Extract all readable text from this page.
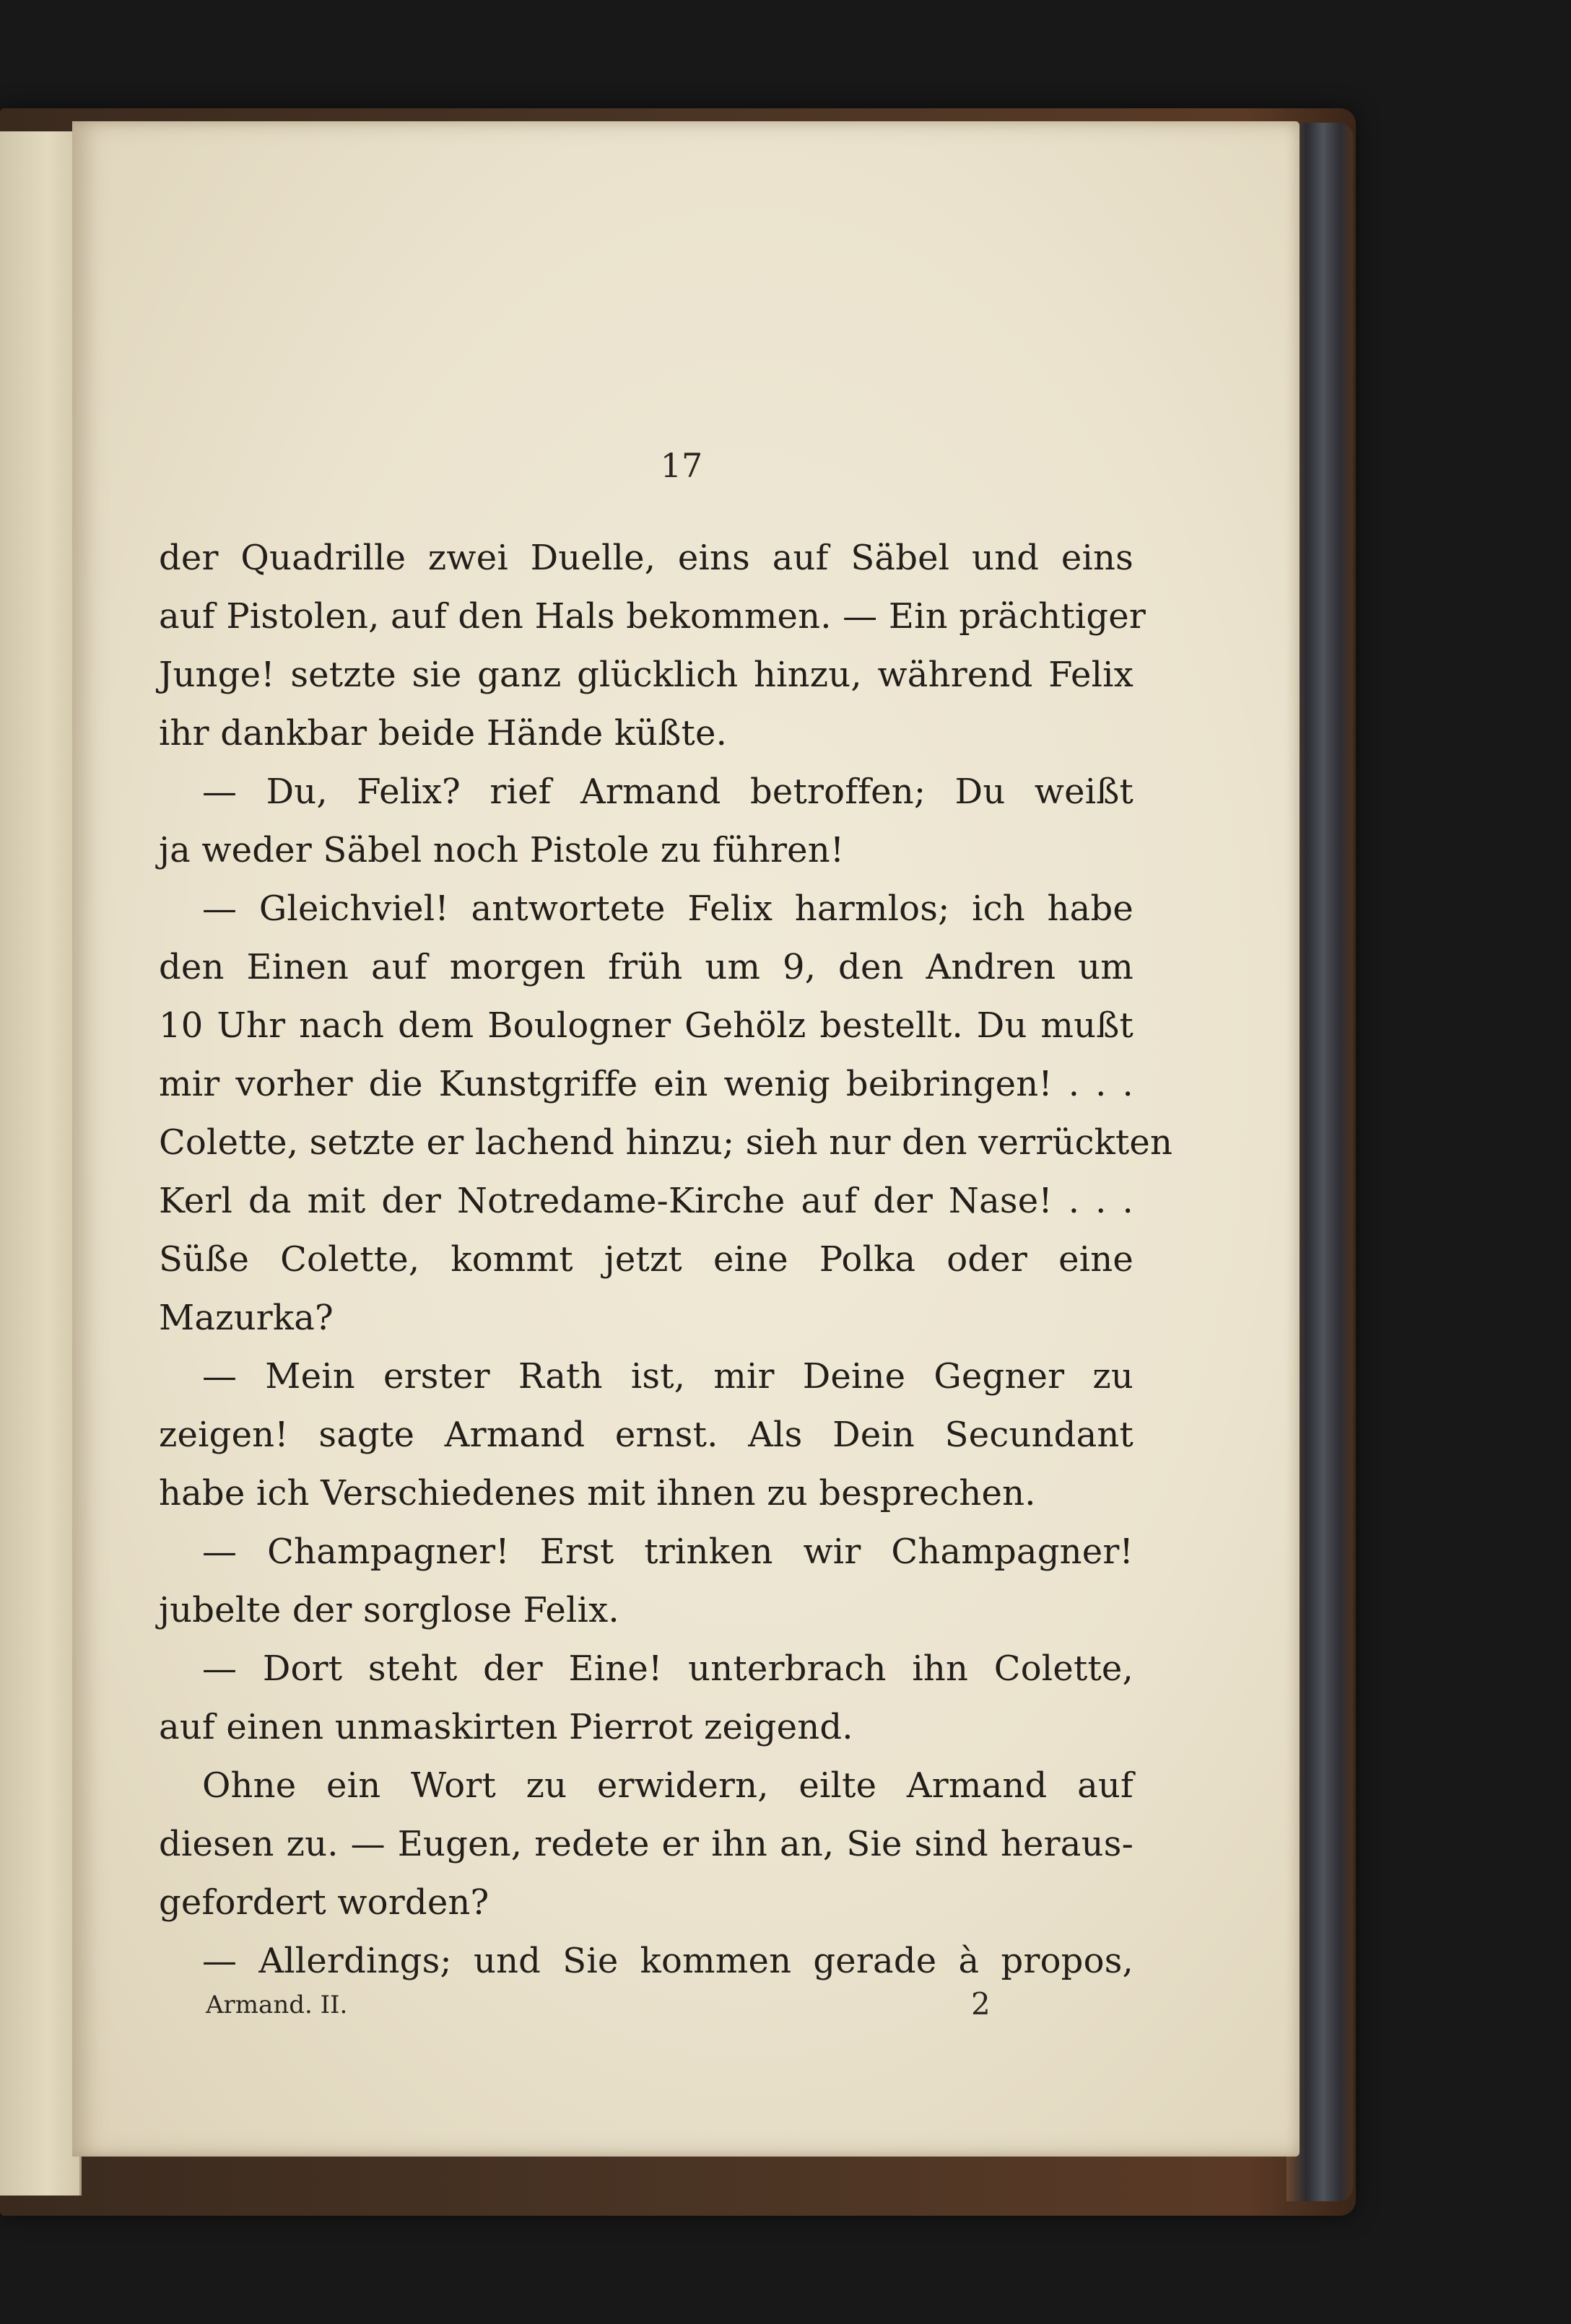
17
der Quadrille zwei Duelle, eins auf Säbel und eins
auf Pistolen, auf den Hals bekommen. — Ein prächtiger
Junge! setzte sie ganz glücklich hinzu, während Felix
ihr dankbar beide Hände küßte.
— Du, Felix? rief Armand betroffen; Du weißt
ja weder Säbel noch Pistole zu führen!
— Gleichviel! antwortete Felix harmlos; ich habe
den Einen auf morgen früh um 9, den Andren um
10 Uhr nach dem Boulogner Gehölz bestellt. Du mußt
mir vorher die Kunstgriffe ein wenig beibringen! . . .
Colette, setzte er lachend hinzu; sieh nur den verrückten
Kerl da mit der Notredame-Kirche auf der Nase! . . .
Süße Colette, kommt jetzt eine Polka oder eine
Mazurka?
— Mein erster Rath ist, mir Deine Gegner zu
zeigen! sagte Armand ernst. Als Dein Secundant
habe ich Verschiedenes mit ihnen zu besprechen.
— Champagner! Erst trinken wir Champagner!
jubelte der sorglose Felix.
— Dort steht der Eine! unterbrach ihn Colette,
auf einen unmaskirten Pierrot zeigend.
Ohne ein Wort zu erwidern, eilte Armand auf
diesen zu. — Eugen, redete er ihn an, Sie sind heraus-
gefordert worden?
— Allerdings; und Sie kommen gerade à propos,
Armand. II.	2
